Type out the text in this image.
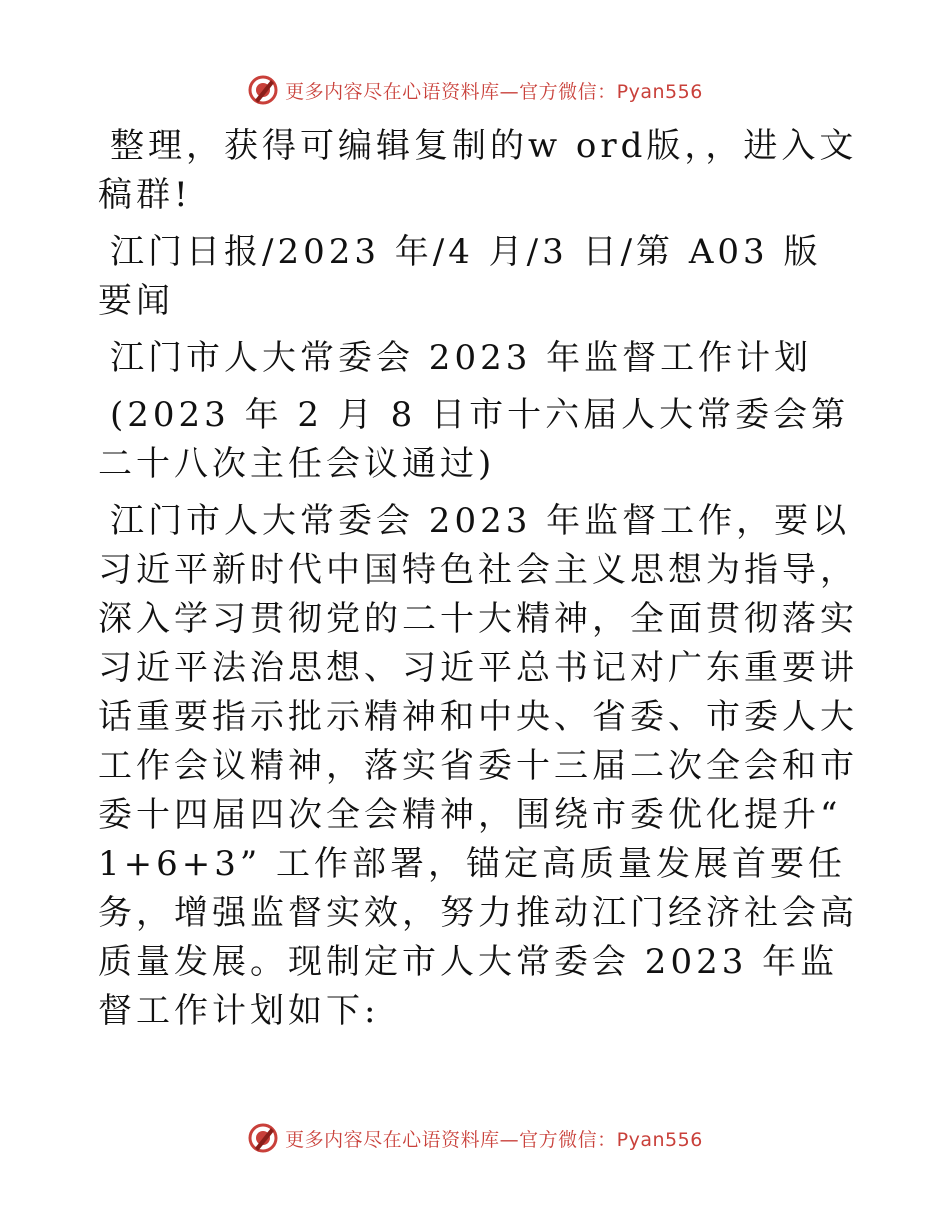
更多内容尽在心语资料库—官方微信：Pyan556

整理，获得可编辑复制的w ord版，，进入文稿群!

江门日报/2023 年/4 月/3 日/第 A03 版要闻

江门市人大常委会 2023 年监督工作计划

(2023 年 2 月 8 日市十六届人大常委会第二十八次主任会议通过)

江门市人大常委会 2023 年监督工作，要以习近平新时代中国特色社会主义思想为指导，深入学习贯彻党的二十大精神，全面贯彻落实习近平法治思想、习近平总书记对广东重要讲话重要指示批示精神和中央、省委、市委人大工作会议精神，落实省委十三届二次全会和市委十四届四次全会精神，围绕市委优化提升“ 1+6+3” 工作部署，锚定高质量发展首要任务，增强监督实效，努力推动江门经济社会高质量发展。现制定市人大常委会 2023 年监督工作计划如下:

更多内容尽在心语资料库—官方微信：Pyan556
